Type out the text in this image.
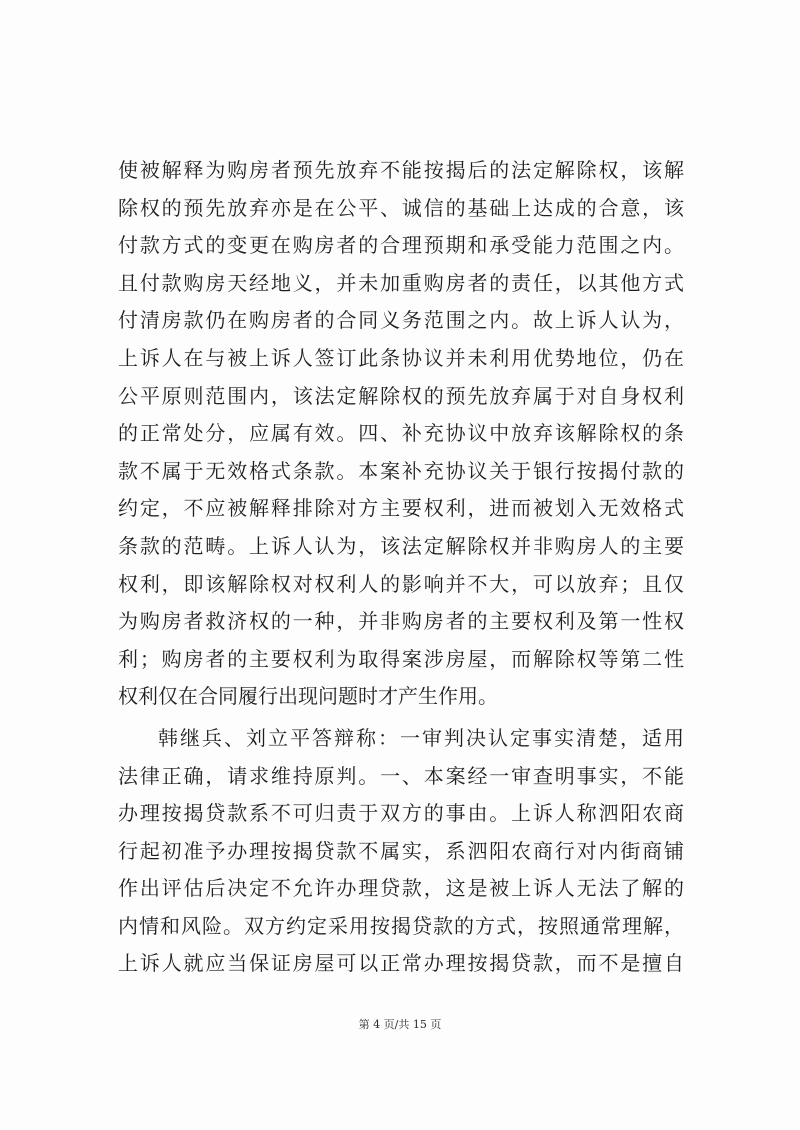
使被解释为购房者预先放弃不能按揭后的法定解除权，该解
除权的预先放弃亦是在公平、诚信的基础上达成的合意，该
付款方式的变更在购房者的合理预期和承受能力范围之内。
且付款购房天经地义，并未加重购房者的责任，以其他方式
付清房款仍在购房者的合同义务范围之内。故上诉人认为，
上诉人在与被上诉人签订此条协议并未利用优势地位，仍在
公平原则范围内，该法定解除权的预先放弃属于对自身权利
的正常处分，应属有效。四、补充协议中放弃该解除权的条
款不属于无效格式条款。本案补充协议关于银行按揭付款的
约定，不应被解释排除对方主要权利，进而被划入无效格式
条款的范畴。上诉人认为，该法定解除权并非购房人的主要
权利，即该解除权对权利人的影响并不大，可以放弃；且仅
为购房者救济权的一种，并非购房者的主要权利及第一性权
利；购房者的主要权利为取得案涉房屋，而解除权等第二性
权利仅在合同履行出现问题时才产生作用。
韩继兵、刘立平答辩称：一审判决认定事实清楚，适用
法律正确，请求维持原判。一、本案经一审查明事实，不能
办理按揭贷款系不可归责于双方的事由。上诉人称泗阳农商
行起初准予办理按揭贷款不属实，系泗阳农商行对内街商铺
作出评估后决定不允许办理贷款，这是被上诉人无法了解的
内情和风险。双方约定采用按揭贷款的方式，按照通常理解，
上诉人就应当保证房屋可以正常办理按揭贷款，而不是擅自
第 4 页/共 15 页
